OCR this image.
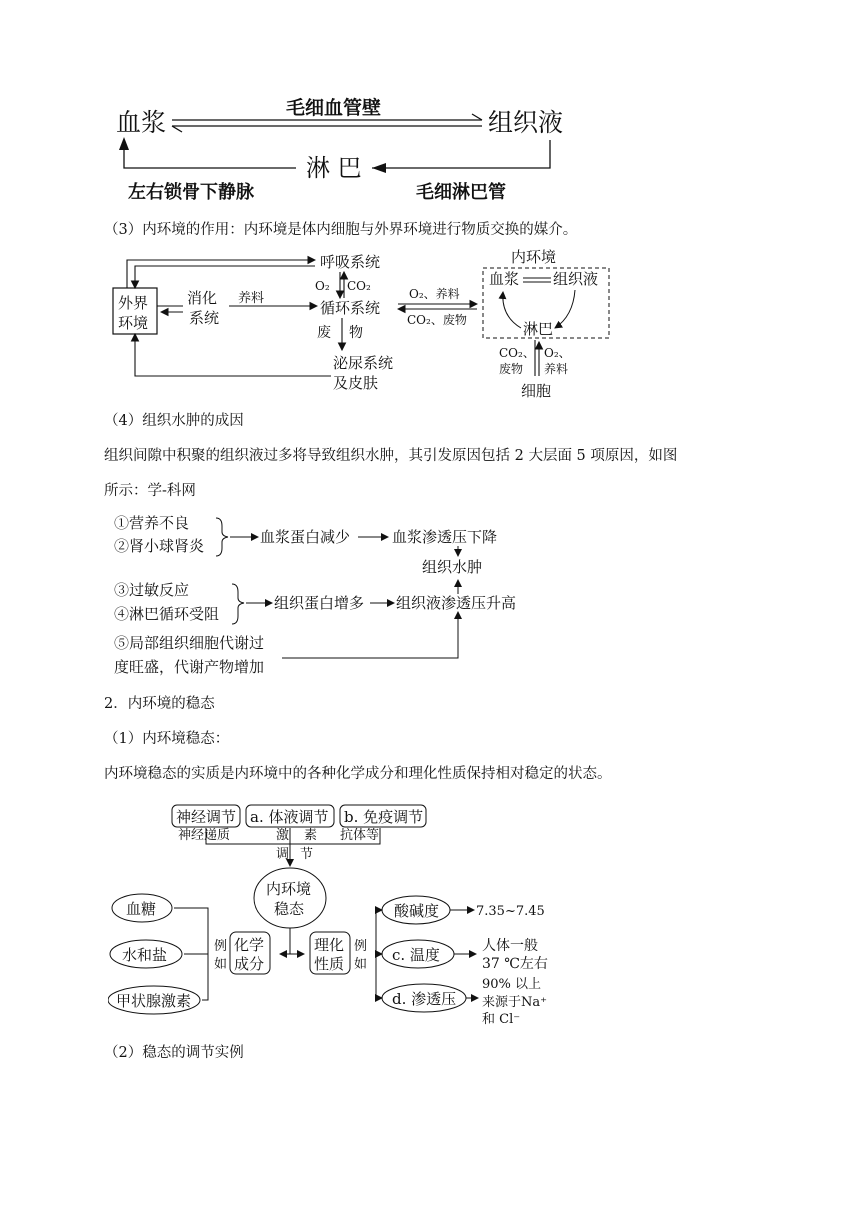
血浆	毛细血管壁	组织液
淋 巴
左右锁骨下静脉	毛细淋巴管
（3）内环境的作用：内环境是体内细胞与外界环境进行物质交换的媒介。
外界
环境
呼吸系统
消化
系统
养料
O₂ CO₂
循环系统
O₂、养料
CO₂、废物
废 物
泌尿系统
及皮肤
内环境
血浆 组织液
淋巴
CO₂、
废物
O₂、
养料
细胞
（4）组织水肿的成因
组织间隙中积聚的组织液过多将导致组织水肿，其引发原因包括 2 大层面 5 项原因，如图
所示：学-科网
①营养不良
②肾小球肾炎	血浆蛋白减少	血浆渗透压下降
组织水肿
③过敏反应
④淋巴循环受阻
组织蛋白增多 组织液渗透压升高
⑤局部组织细胞代谢过
度旺盛，代谢产物增加
2．内环境的稳态
（1）内环境稳态：
内环境稳态的实质是内环境中的各种化学成分和理化性质保持相对稳定的状态。
神经调节 a. 体液调节 b. 免疫调节
神经递质	激 素 抗体等
调 节
内环境
稳态
血糖
水和盐
甲状腺激素
例
如
化学
成分
理化
性质
例
如
酸碱度	7.35~7.45
c. 温度	人体一般
37 ℃左右
d. 渗透压
90% 以上
来源于Na⁺
和 Cl⁻
（2）稳态的调节实例
